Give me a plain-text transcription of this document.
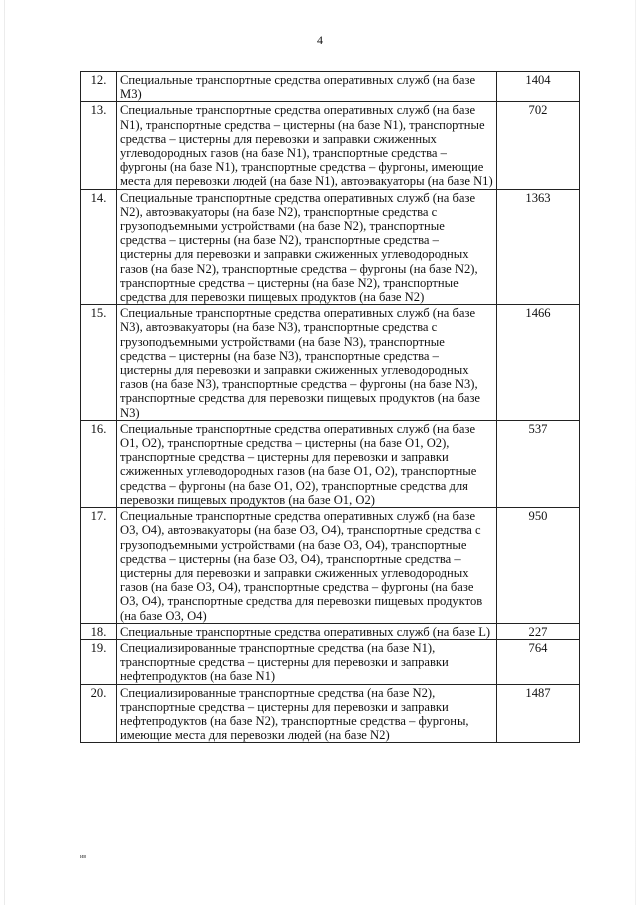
4
12.	Специальные транспортные средства оперативных служб (на базе М3)	1404
13.	Специальные транспортные средства оперативных служб (на базе N1), транспортные средства – цистерны (на базе N1), транспортные средства – цистерны для перевозки и заправки сжиженных углеводородных газов (на базе N1), транспортные средства – фургоны (на базе N1), транспортные средства – фургоны, имеющие места для перевозки людей (на базе N1), автоэвакуаторы (на базе N1)	702
14.	Специальные транспортные средства оперативных служб (на базе N2), автоэвакуаторы (на базе N2), транспортные средства с грузоподъемными устройствами (на базе N2), транспортные средства – цистерны (на базе N2), транспортные средства – цистерны для перевозки и заправки сжиженных углеводородных газов (на базе N2), транспортные средства – фургоны (на базе N2), транспортные средства – цистерны (на базе N2), транспортные средства для перевозки пищевых продуктов (на базе N2)	1363
15.	Специальные транспортные средства оперативных служб (на базе N3), автоэвакуаторы (на базе N3), транспортные средства с грузоподъемными устройствами (на базе N3), транспортные средства – цистерны (на базе N3), транспортные средства – цистерны для перевозки и заправки сжиженных углеводородных газов (на базе N3), транспортные средства – фургоны (на базе N3), транспортные средства для перевозки пищевых продуктов (на базе N3)	1466
16.	Специальные транспортные средства оперативных служб (на базе О1, О2), транспортные средства – цистерны (на базе О1, О2), транспортные средства – цистерны для перевозки и заправки сжиженных углеводородных газов (на базе О1, О2), транспортные средства – фургоны (на базе О1, О2), транспортные средства для перевозки пищевых продуктов (на базе О1, О2)	537
17.	Специальные транспортные средства оперативных служб (на базе О3, О4), автоэвакуаторы (на базе О3, О4), транспортные средства с грузоподъемными устройствами (на базе О3, О4), транспортные средства – цистерны (на базе О3, О4), транспортные средства – цистерны для перевозки и заправки сжиженных углеводородных газов (на базе О3, О4), транспортные средства – фургоны (на базе О3, О4), транспортные средства для перевозки пищевых продуктов (на базе О3, О4)	950
18.	Специальные транспортные средства оперативных служб (на базе L)	227
19.	Специализированные транспортные средства (на базе N1), транспортные средства – цистерны для перевозки и заправки нефтепродуктов (на базе N1)	764
20.	Специализированные транспортные средства (на базе N2), транспортные средства – цистерны для перевозки и заправки нефтепродуктов (на базе N2), транспортные средства – фургоны, имеющие места для перевозки людей (на базе N2)	1487
ив
